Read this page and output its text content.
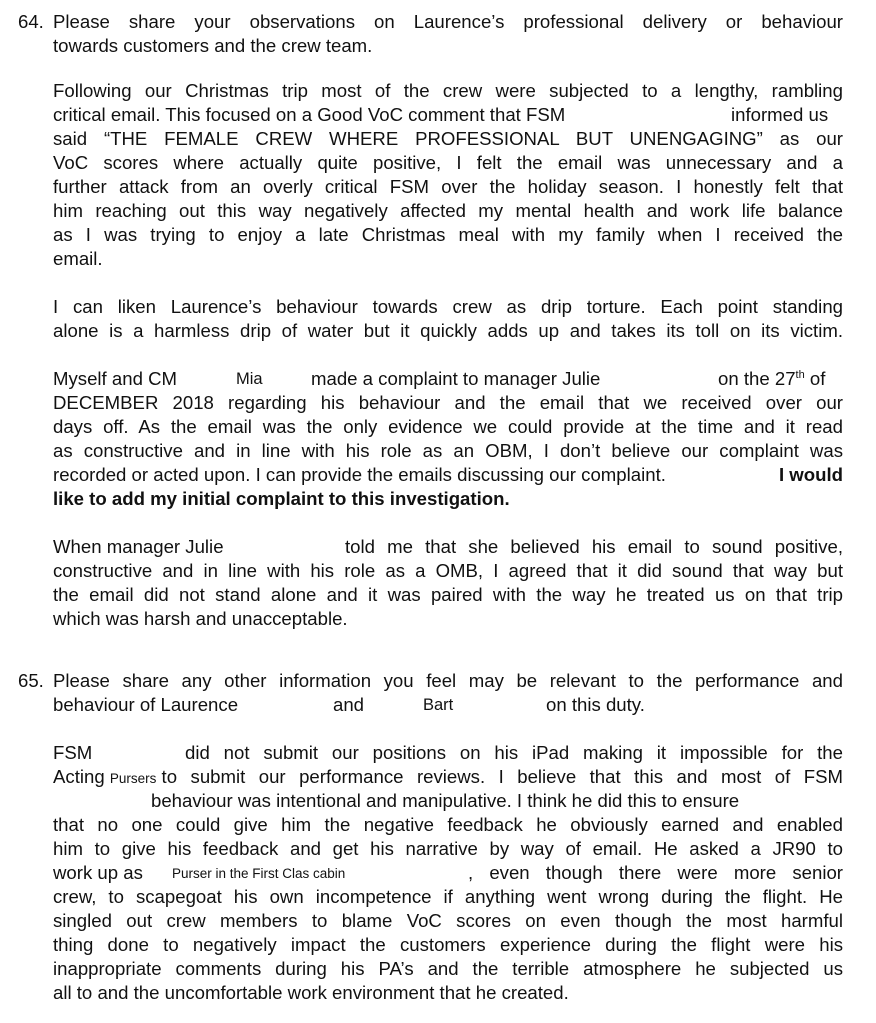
64. Please share your observations on Laurence’s professional delivery or behaviour
towards customers and the crew team.
Following our Christmas trip most of the crew were subjected to a lengthy, rambling
critical email. This focused on a Good VoC comment that FSM	informed us
said “THE FEMALE CREW WHERE PROFESSIONAL BUT UNENGAGING” as our
VoC scores where actually quite positive, I felt the email was unnecessary and a
further attack from an overly critical FSM over the holiday season. I honestly felt that
him reaching out this way negatively affected my mental health and work life balance
as I was trying to enjoy a late Christmas meal with my family when I received the
email.
I can liken Laurence’s behaviour towards crew as drip torture. Each point standing
alone is a harmless drip of water but it quickly adds up and takes its toll on its victim.
Myself and CM	Mia	made a complaint to manager Julie	on the 27th of
DECEMBER 2018 regarding his behaviour and the email that we received over our
days off. As the email was the only evidence we could provide at the time and it read
as constructive and in line with his role as an OBM, I don’t believe our complaint was
recorded or acted upon. I can provide the emails discussing our complaint.	I would
like to add my initial complaint to this investigation.
When manager Julie	told me that she believed his email to sound positive,
constructive and in line with his role as a OMB, I agreed that it did sound that way but
the email did not stand alone and it was paired with the way he treated us on that trip
which was harsh and unacceptable.
65. Please share any other information you feel may be relevant to the performance and
behaviour of Laurence	and	Bart	on this duty.
FSM	did not submit our positions on his iPad making it impossible for the
Acting
Pursers
to submit our performance reviews. I believe that this and most of FSM
behaviour was intentional and manipulative. I think he did this to ensure
that no one could give him the negative feedback he obviously earned and enabled
him to give his feedback and get his narrative by way of email. He asked a JR90 to
work up as Purser in the First Clas cabin	, even though there were more senior
crew, to scapegoat his own incompetence if anything went wrong during the flight. He
singled out crew members to blame VoC scores on even though the most harmful
thing done to negatively impact the customers experience during the flight were his
inappropriate comments during his PA’s and the terrible atmosphere he subjected us
all to and the uncomfortable work environment that he created.
